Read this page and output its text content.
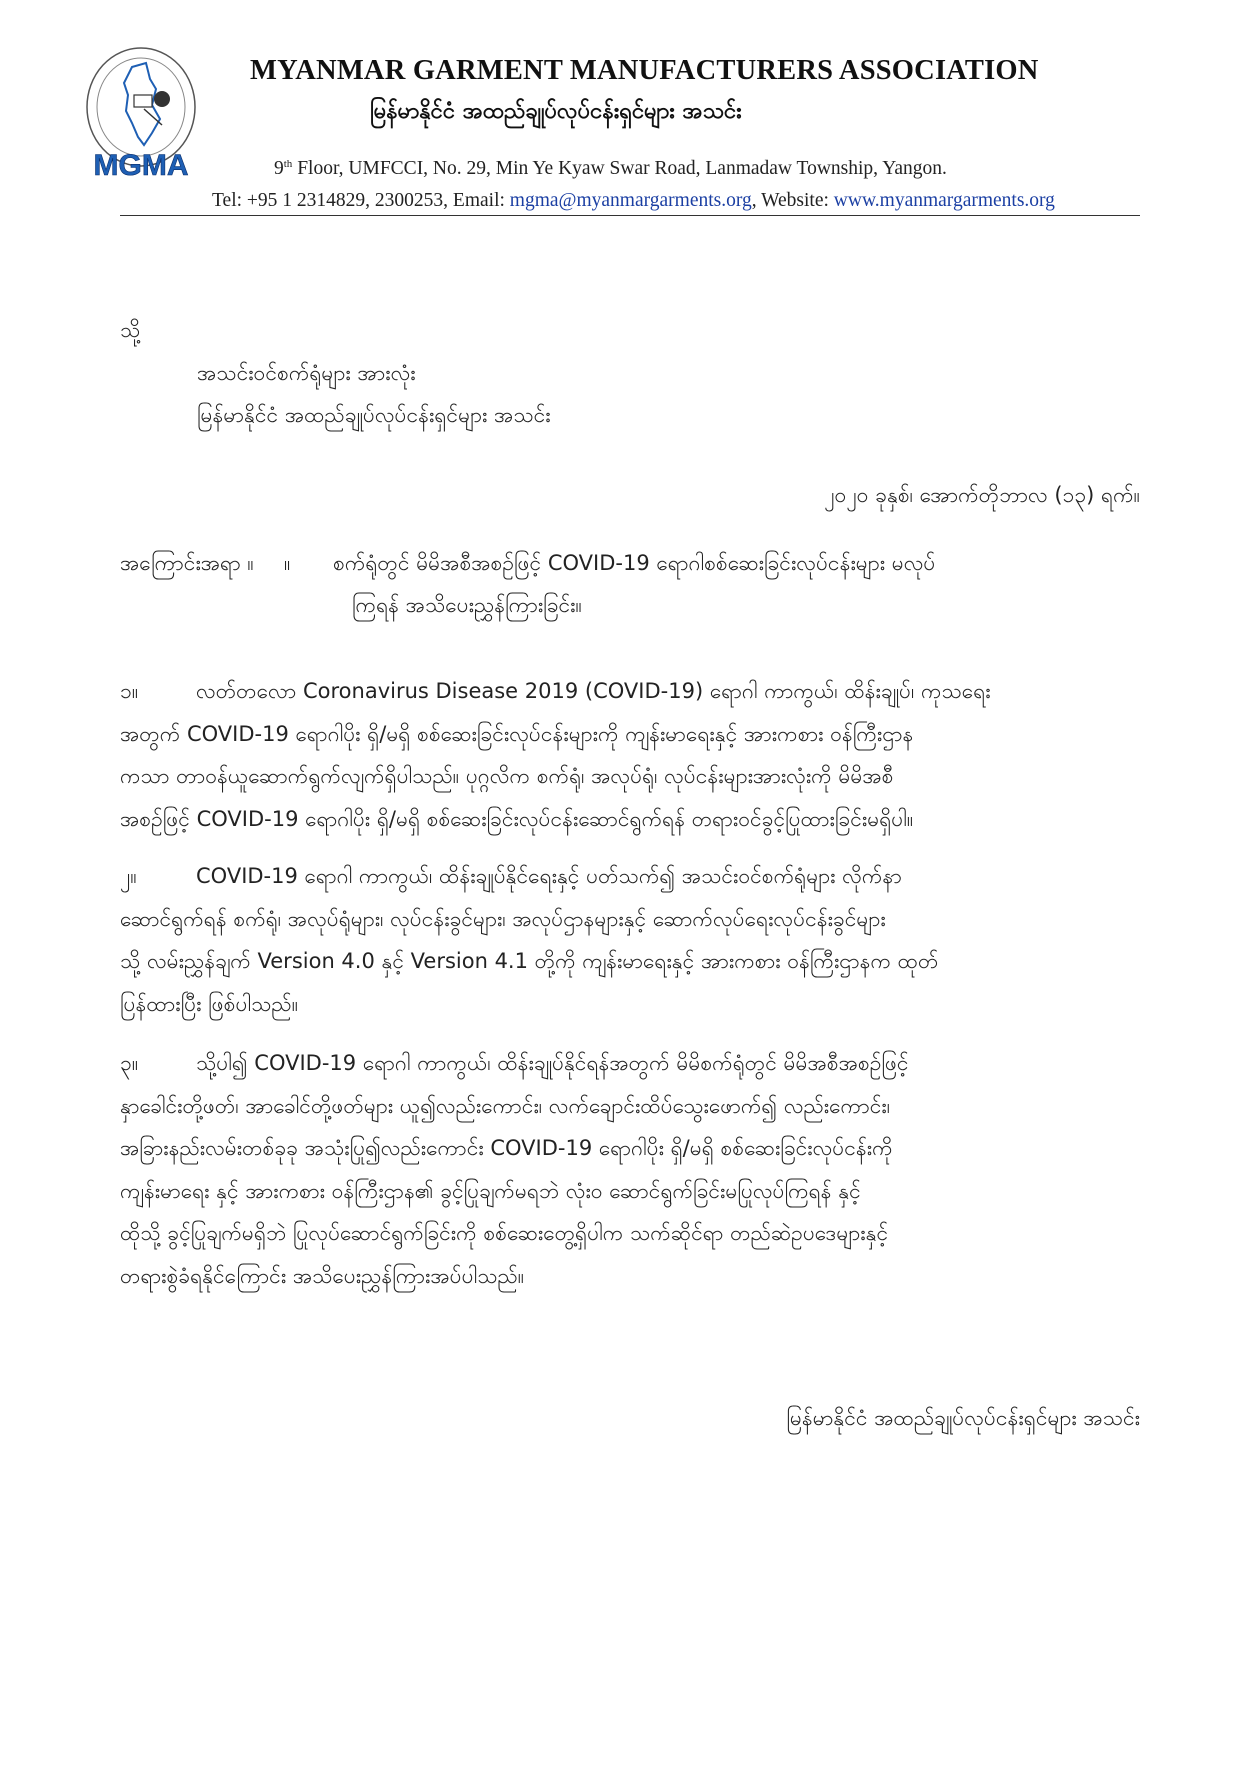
MGMA
MYANMAR GARMENT MANUFACTURERS ASSOCIATION
မြန်မာနိုင်ငံ အထည်ချုပ်လုပ်ငန်းရှင်များ အသင်း
9th Floor, UMFCCI, No. 29, Min Ye Kyaw Swar Road, Lanmadaw Township, Yangon.
Tel: +95 1 2314829, 2300253, Email: mgma@myanmargarments.org, Website: www.myanmargarments.org
သို့
အသင်းဝင်စက်ရုံများ အားလုံး
မြန်မာနိုင်ငံ အထည်ချုပ်လုပ်ငန်းရှင်များ အသင်း
၂၀၂၀ ခုနှစ်၊ အောက်တိုဘာလ (၁၃) ရက်။
အကြောင်းအရာ ။ ။ စက်ရုံတွင် မိမိအစီအစဥ်ဖြင့် COVID-19 ရောဂါစစ်ဆေးခြင်းလုပ်ငန်းများ မလုပ်
ကြရန် အသိပေးညွှန်ကြားခြင်း။
၁။	လတ်တလော Coronavirus Disease 2019 (COVID-19) ရောဂါ ကာကွယ်၊ ထိန်းချုပ်၊ ကုသရေး
အတွက် COVID-19 ရောဂါပိုး ရှိ/မရှိ စစ်ဆေးခြင်းလုပ်ငန်းများကို ကျန်းမာရေးနှင့် အားကစား ဝန်ကြီးဌာန
ကသာ တာဝန်ယူဆောက်ရွက်လျက်ရှိပါသည်။ ပုဂ္ဂလိက စက်ရုံ၊ အလုပ်ရုံ၊ လုပ်ငန်းများအားလုံးကို မိမိအစီ
အစဥ်ဖြင့် COVID-19 ရောဂါပိုး ရှိ/မရှိ စစ်ဆေးခြင်းလုပ်ငန်းဆောင်ရွက်ရန် တရားဝင်ခွင့်ပြုထားခြင်းမရှိပါ။
၂။	COVID-19 ရောဂါ ကာကွယ်၊ ထိန်းချုပ်နိုင်ရေးနှင့် ပတ်သက်၍ အသင်းဝင်စက်ရုံများ လိုက်နာ
ဆောင်ရွက်ရန် စက်ရုံ၊ အလုပ်ရုံများ၊ လုပ်ငန်းခွင်များ၊ အလုပ်ဌာနများနှင့် ဆောက်လုပ်ရေးလုပ်ငန်းခွင်များ
သို့ လမ်းညွှန်ချက် Version 4.0 နှင့် Version 4.1 တို့ကို ကျန်းမာရေးနှင့် အားကစား ဝန်ကြီးဌာနက ထုတ်
ပြန်ထားပြီး ဖြစ်ပါသည်။
၃။	သို့ပါ၍ COVID-19 ရောဂါ ကာကွယ်၊ ထိန်းချုပ်နိုင်ရန်အတွက် မိမိစက်ရုံတွင် မိမိအစီအစဥ်ဖြင့်
နှာခေါင်းတို့ဖတ်၊ အာခေါင်တို့ဖတ်များ ယူ၍လည်းကောင်း၊ လက်ချောင်းထိပ်သွေးဖောက်၍ လည်းကောင်း၊
အခြားနည်းလမ်းတစ်ခုခု အသုံးပြု၍လည်းကောင်း COVID-19 ရောဂါပိုး ရှိ/မရှိ စစ်ဆေးခြင်းလုပ်ငန်းကို
ကျန်းမာရေး နှင့် အားကစား ဝန်ကြီးဌာန၏ ခွင့်ပြုချက်မရဘဲ လုံးဝ ဆောင်ရွက်ခြင်းမပြုလုပ်ကြရန် နှင့်
ထိုသို့ ခွင့်ပြုချက်မရှိဘဲ ပြုလုပ်ဆောင်ရွက်ခြင်းကို စစ်ဆေးတွေ့ရှိပါက သက်ဆိုင်ရာ တည်ဆဲဥပဒေများနှင့်
တရားစွဲခံရနိုင်ကြောင်း အသိပေးညွှန်ကြားအပ်ပါသည်။
မြန်မာနိုင်ငံ အထည်ချုပ်လုပ်ငန်းရှင်များ အသင်း
